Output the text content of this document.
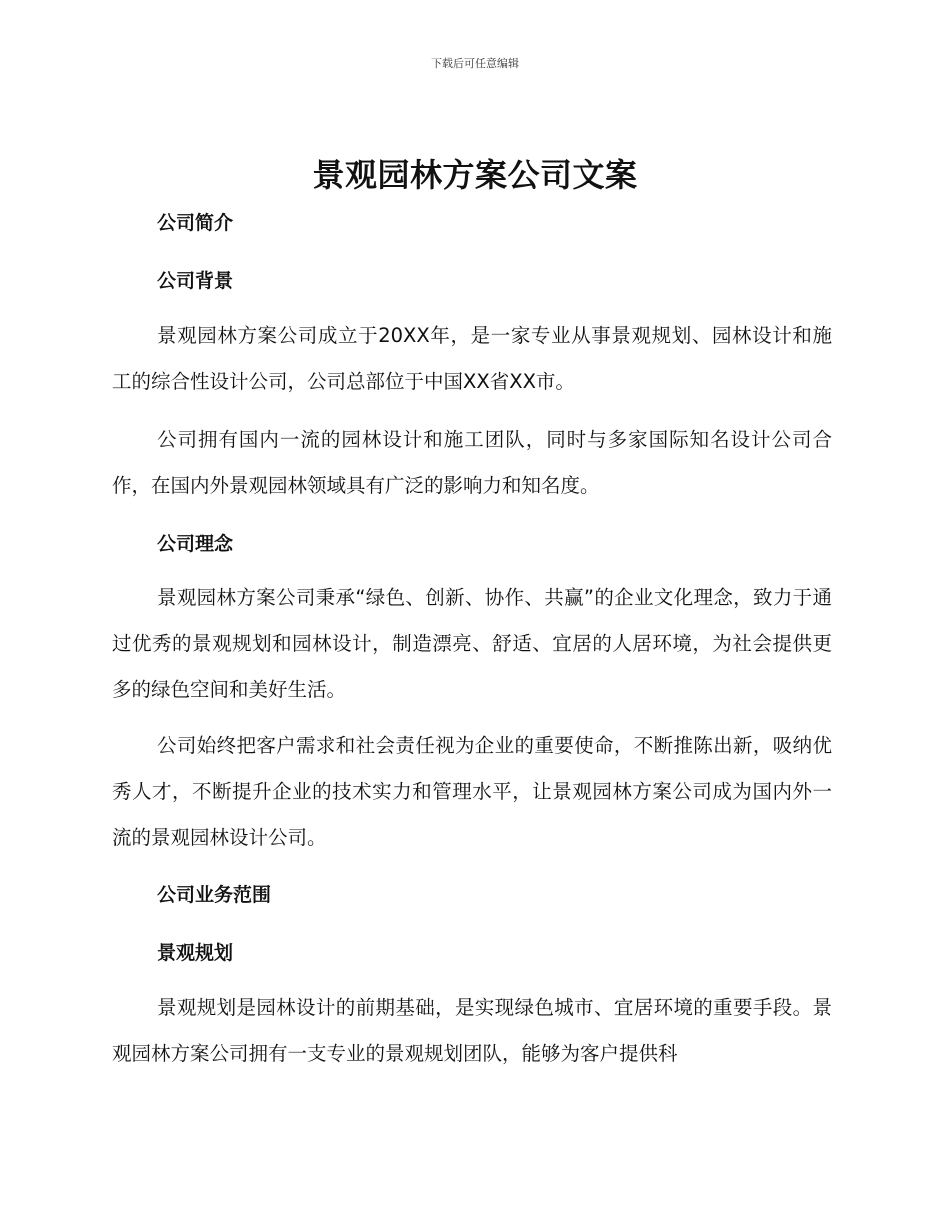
下载后可任意编辑
景观园林方案公司文案
公司简介
公司背景

景观园林方案公司成立于20XX年，是一家专业从事景观规划、园林设计和施工的综合性设计公司，公司总部位于中国XX省XX市。

公司拥有国内一流的园林设计和施工团队，同时与多家国际知名设计公司合作，在国内外景观园林领域具有广泛的影响力和知名度。

公司理念

景观园林方案公司秉承“绿色、创新、协作、共赢”的企业文化理念，致力于通过优秀的景观规划和园林设计，制造漂亮、舒适、宜居的人居环境，为社会提供更多的绿色空间和美好生活。

公司始终把客户需求和社会责任视为企业的重要使命，不断推陈出新，吸纳优秀人才，不断提升企业的技术实力和管理水平，让景观园林方案公司成为国内外一流的景观园林设计公司。

公司业务范围
景观规划

景观规划是园林设计的前期基础，是实现绿色城市、宜居环境的重要手段。景观园林方案公司拥有一支专业的景观规划团队，能够为客户提供科
